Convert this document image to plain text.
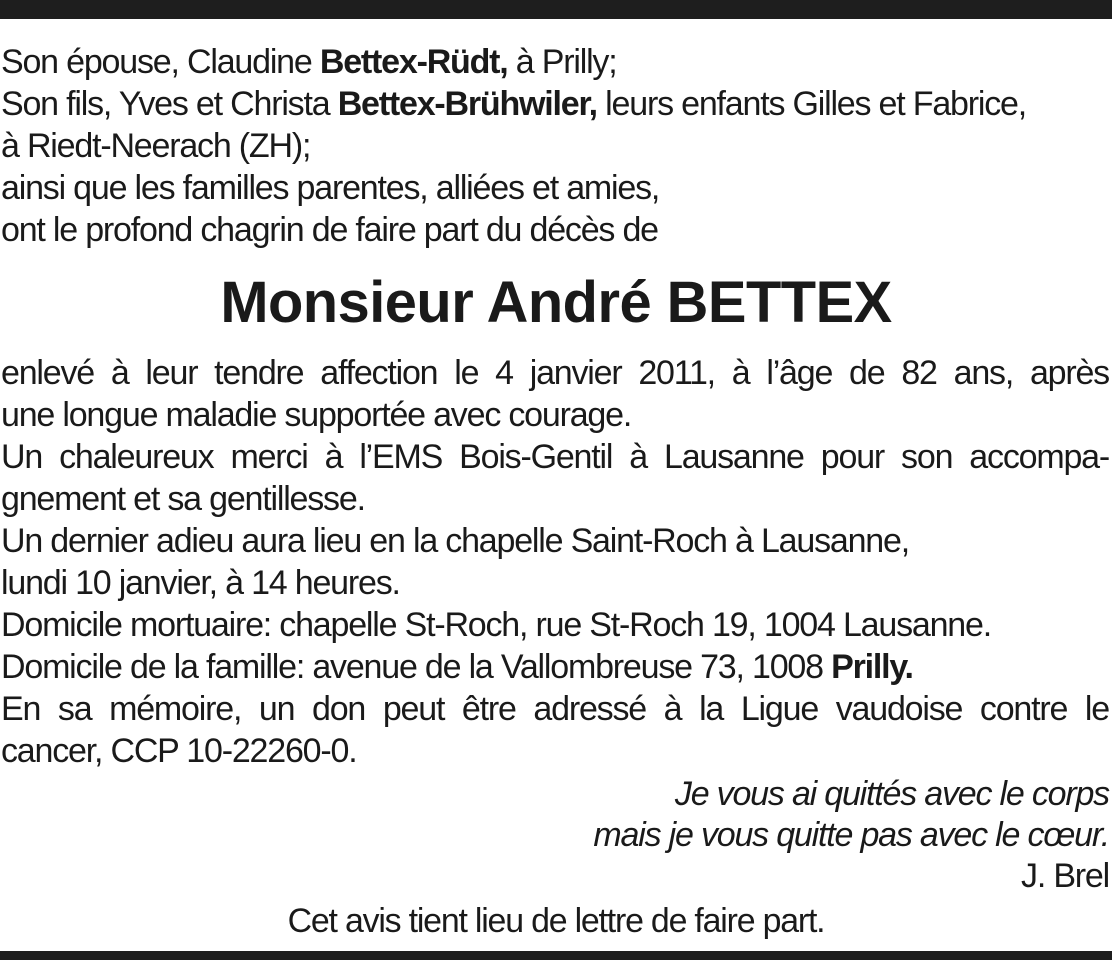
Son épouse, Claudine Bettex-Rüdt, à Prilly;

Son fils, Yves et Christa Bettex-Brühwiler, leurs enfants Gilles et Fabrice,

à Riedt-Neerach (ZH);

ainsi que les familles parentes, alliées et amies,

ont le profond chagrin de faire part du décès de

Monsieur André BETTEX

enlevé à leur tendre affection le 4 janvier 2011, à l’âge de 82 ans, après

une longue maladie supportée avec courage.

Un chaleureux merci à l’EMS Bois-Gentil à Lausanne pour son accompa-

gnement et sa gentillesse.

Un dernier adieu aura lieu en la chapelle Saint-Roch à Lausanne,

lundi 10 janvier, à 14 heures.

Domicile mortuaire: chapelle St-Roch, rue St-Roch 19, 1004 Lausanne.

Domicile de la famille: avenue de la Vallombreuse 73, 1008 Prilly.

En sa mémoire, un don peut être adressé à la Ligue vaudoise contre le

cancer, CCP 10-22260-0.

Je vous ai quittés avec le corps

mais je vous quitte pas avec le cœur.

J. Brel

Cet avis tient lieu de lettre de faire part.
